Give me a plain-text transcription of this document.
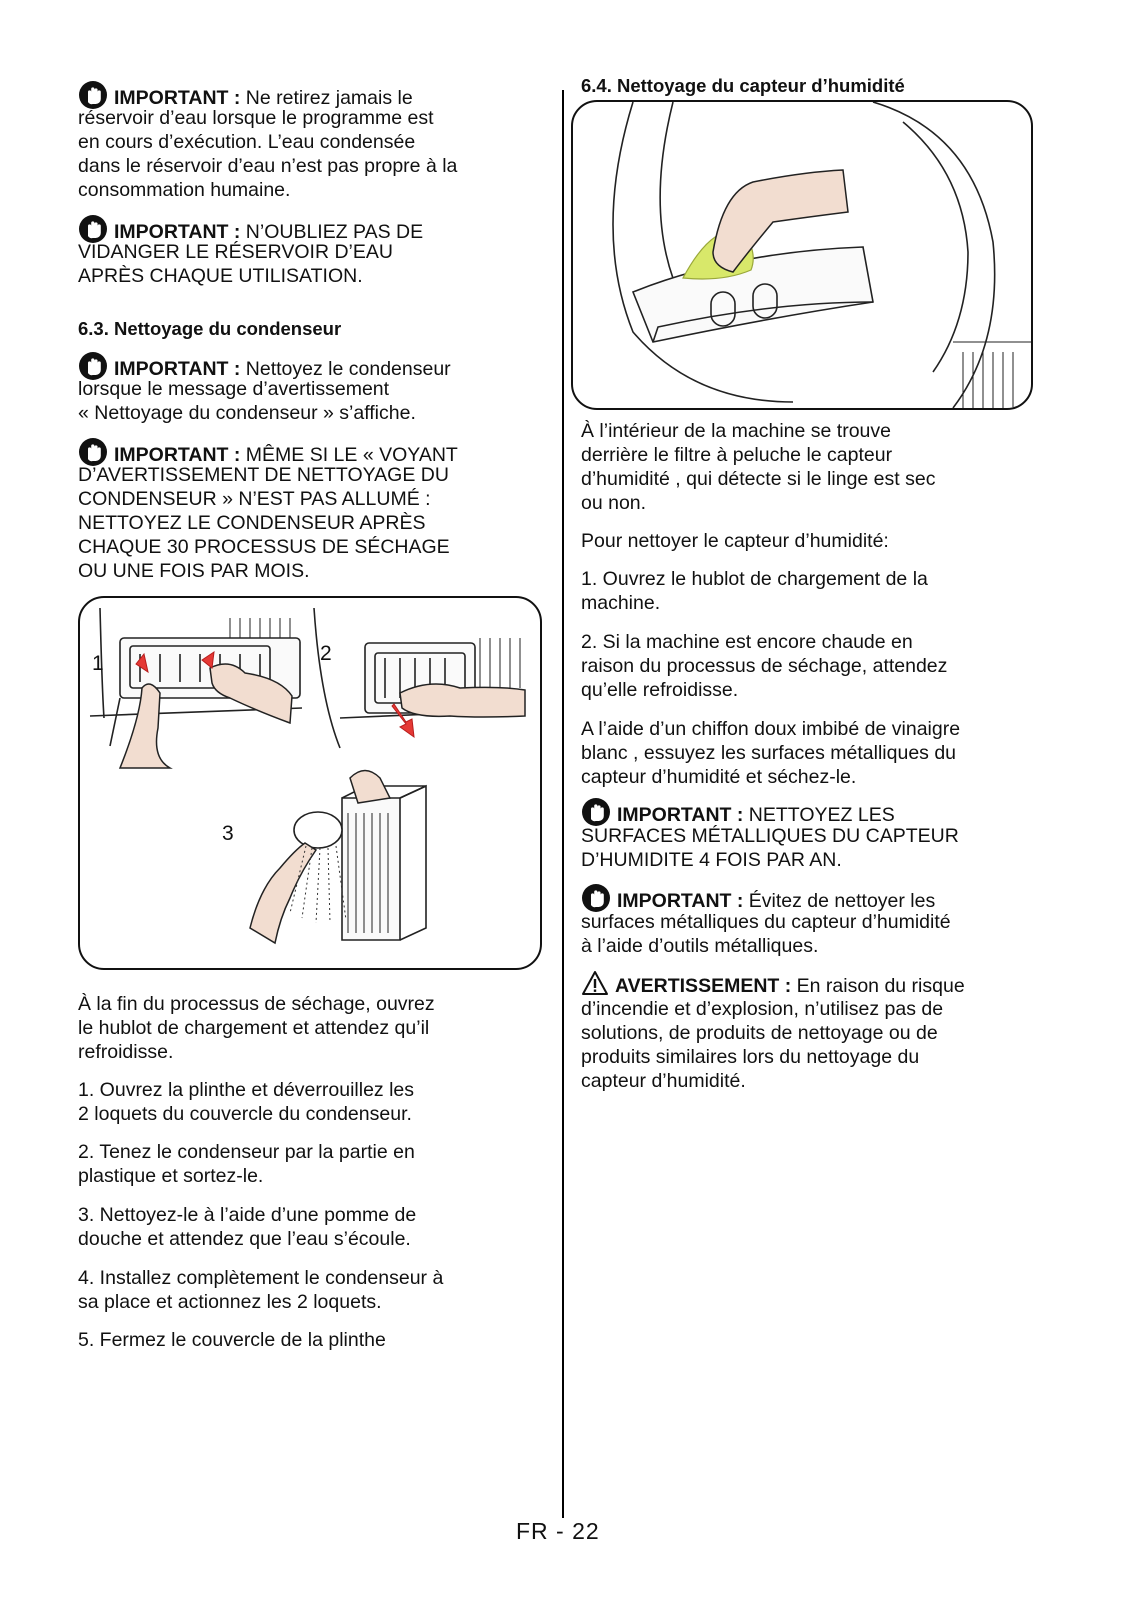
IMPORTANT : Ne retirez jamais le
réservoir d’eau lorsque le programme est
en cours d’exécution. L’eau condensée
dans le réservoir d’eau n’est pas propre à la
consommation humaine.
IMPORTANT : N’OUBLIEZ PAS DE
VIDANGER LE RÉSERVOIR D’EAU
APRÈS CHAQUE UTILISATION.
6.3. Nettoyage du condenseur
IMPORTANT : Nettoyez le condenseur
lorsque le message d’avertissement
« Nettoyage du condenseur » s’affiche.
IMPORTANT : MÊME SI LE « VOYANT
D’AVERTISSEMENT DE NETTOYAGE DU
CONDENSEUR » N’EST PAS ALLUMÉ :
NETTOYEZ LE CONDENSEUR APRÈS
CHAQUE 30 PROCESSUS DE SÉCHAGE
OU UNE FOIS PAR MOIS.
1	2
3
À la fin du processus de séchage, ouvrez
le hublot de chargement et attendez qu’il
refroidisse.
1. Ouvrez la plinthe et déverrouillez les
2 loquets du couvercle du condenseur.
2. Tenez le condenseur par la partie en
plastique et sortez-le.
3. Nettoyez-le à l’aide d’une pomme de
douche et attendez que l’eau s’écoule.
4. Installez complètement le condenseur à
sa place et actionnez les 2 loquets.
5. Fermez le couvercle de la plinthe
6.4. Nettoyage du capteur d’humidité
À l’intérieur de la machine se trouve
derrière le filtre à peluche le capteur
d’humidité , qui détecte si le linge est sec
ou non.
Pour nettoyer le capteur d’humidité:
1. Ouvrez le hublot de chargement de la
machine.
2. Si la machine est encore chaude en
raison du processus de séchage, attendez
qu’elle refroidisse.
A l’aide d’un chiffon doux imbibé de vinaigre
blanc , essuyez les surfaces métalliques du
capteur d’humidité et séchez-le.
IMPORTANT : NETTOYEZ LES
SURFACES MÉTALLIQUES DU CAPTEUR
D’HUMIDITE 4 FOIS PAR AN.
IMPORTANT : Évitez de nettoyer les
surfaces métalliques du capteur d’humidité
à l’aide d’outils métalliques.
AVERTISSEMENT : En raison du risque
d’incendie et d’explosion, n’utilisez pas de
solutions, de produits de nettoyage ou de
produits similaires lors du nettoyage du
capteur d’humidité.
FR - 22
